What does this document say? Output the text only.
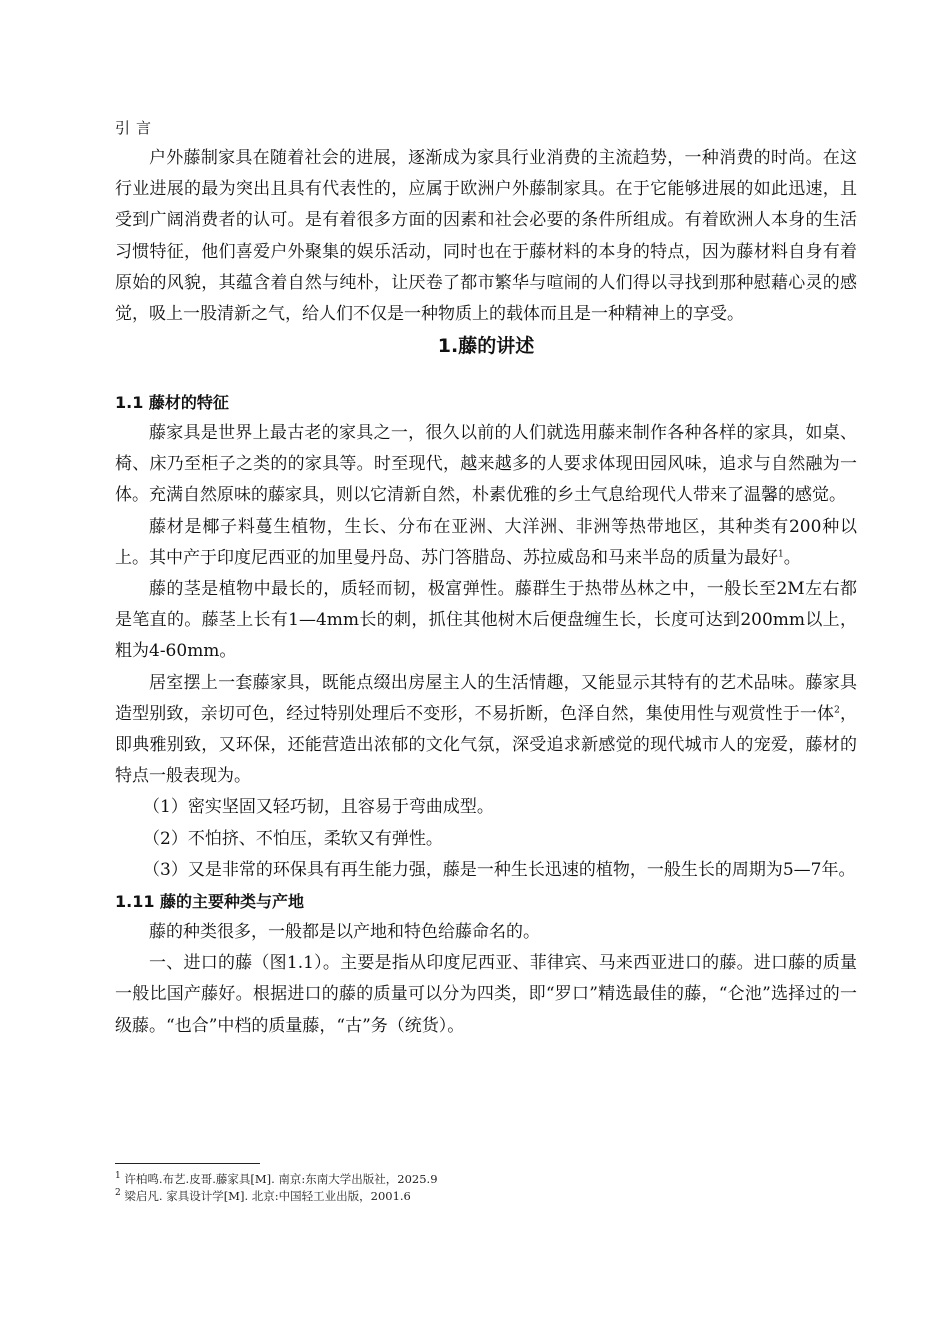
引言

户外藤制家具在随着社会的进展，逐渐成为家具行业消费的主流趋势，一种消费的时尚。在这行业进展的最为突出且具有代表性的，应属于欧洲户外藤制家具。在于它能够进展的如此迅速，且受到广阔消费者的认可。是有着很多方面的因素和社会必要的条件所组成。有着欧洲人本身的生活习惯特征，他们喜爱户外聚集的娱乐活动，同时也在于藤材料的本身的特点，因为藤材料自身有着原始的风貌，其蕴含着自然与纯朴，让厌卷了都市繁华与喧闹的人们得以寻找到那种慰藉心灵的感觉，吸上一股清新之气，给人们不仅是一种物质上的载体而且是一种精神上的享受。

1.藤的讲述

1.1 藤材的特征

藤家具是世界上最古老的家具之一，很久以前的人们就选用藤来制作各种各样的家具，如桌、椅、床乃至柜子之类的的家具等。时至现代，越来越多的人要求体现田园风味，追求与自然融为一体。充满自然原味的藤家具，则以它清新自然，朴素优雅的乡土气息给现代人带来了温馨的感觉。

藤材是椰子料蔓生植物，生长、分布在亚洲、大洋洲、非洲等热带地区，其种类有200种以上。其中产于印度尼西亚的加里曼丹岛、苏门答腊岛、苏拉威岛和马来半岛的质量为最好$^1$。

藤的茎是植物中最长的，质轻而韧，极富弹性。藤群生于热带丛林之中，一般长至2M左右都是笔直的。藤茎上长有1—4mm长的刺，抓住其他树木后便盘缠生长，长度可达到200mm以上，粗为4-60mm。

居室摆上一套藤家具，既能点缀出房屋主人的生活情趣，又能显示其特有的艺术品味。藤家具造型别致，亲切可色，经过特别处理后不变形，不易折断，色泽自然，集使用性与观赏性于一体$^2$，即典雅别致，又环保，还能营造出浓郁的文化气氛，深受追求新感觉的现代城市人的宠爱，藤材的特点一般表现为。

（1）密实坚固又轻巧韧，且容易于弯曲成型。

（2）不怕挤、不怕压，柔软又有弹性。

（3）又是非常的环保具有再生能力强，藤是一种生长迅速的植物，一般生长的周期为5—7年。

1.11 藤的主要种类与产地

藤的种类很多，一般都是以产地和特色给藤命名的。

一、进口的藤（图1.1）。主要是指从印度尼西亚、菲律宾、马来西亚进口的藤。进口藤的质量一般比国产藤好。根据进口的藤的质量可以分为四类，即“罗口”精选最佳的藤，“仑池”选择过的一级藤。“也合”中档的质量藤，“古”务（统货）。

$^1$ 许柏鸣.布艺.皮哥.藤家具[M]. 南京:东南大学出版社，2025.9
$^2$ 梁启凡. 家具设计学[M]. 北京:中国轻工业出版，2001.6
